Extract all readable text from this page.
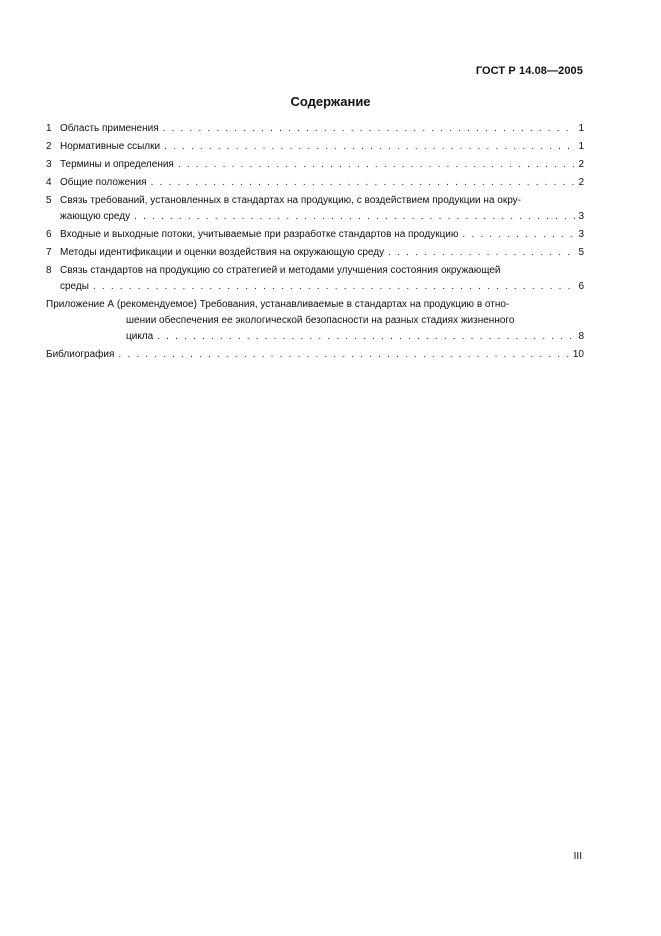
ГОСТ Р 14.08—2005
Содержание
1 Область применения . . .	1
2 Нормативные ссылки . . .	1
3 Термины и определения . . .	2
4 Общие положения . . .	2
5 Связь требований, установленных в стандартах на продукцию, с воздействием продукции на окру-
жающую среду . . .	3
6 Входные и выходные потоки, учитываемые при разработке стандартов на продукцию . . .	3
7 Методы идентификации и оценки воздействия на окружающую среду . . .	5
8 Связь стандартов на продукцию со стратегией и методами улучшения состояния окружающей
среды . . .	6
Приложение А (рекомендуемое) Требования, устанавливаемые в стандартах на продукцию в отно-
шении обеспечения ее экологической безопасности на разных стадиях жизненного
цикла . . .	8
Библиография . . .	10
III
